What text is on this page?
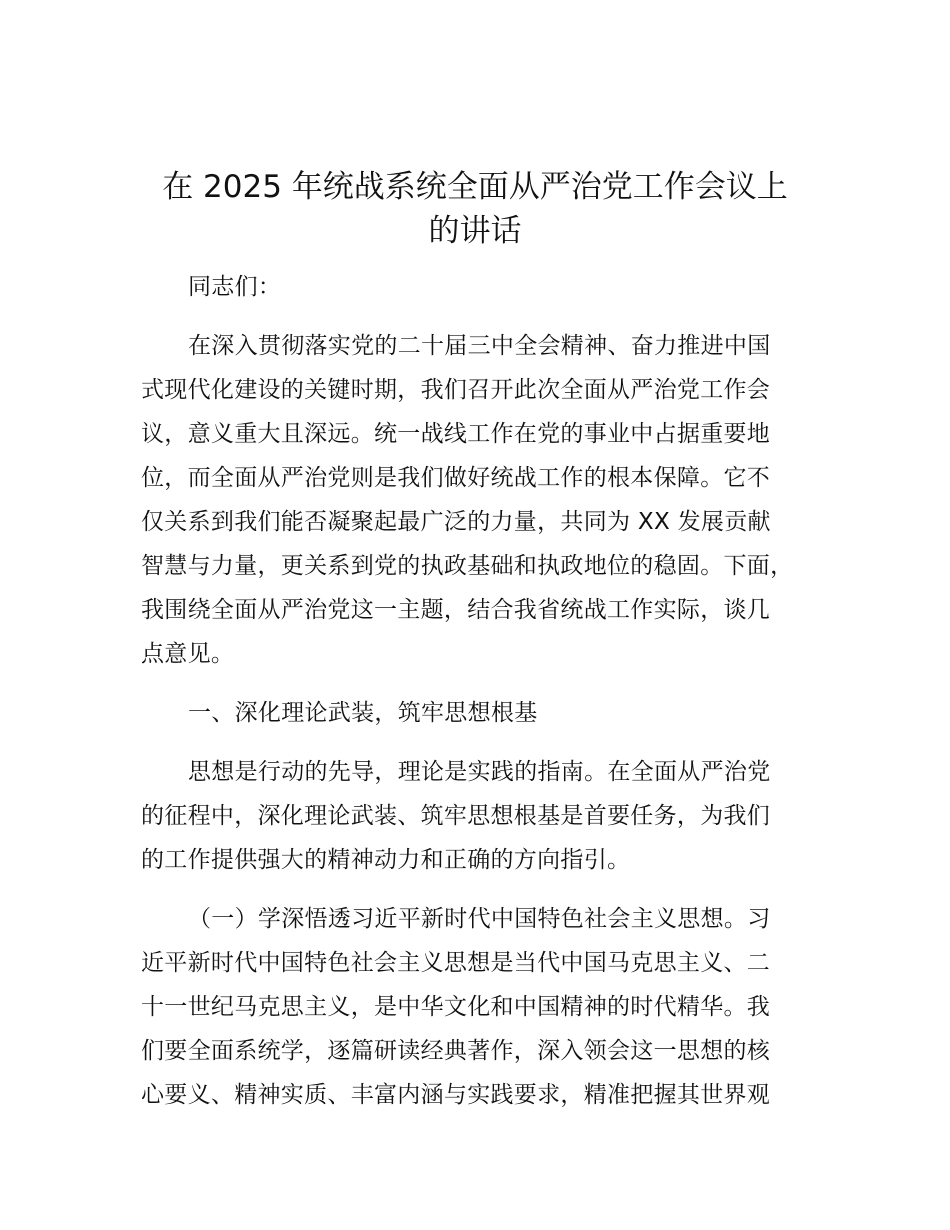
在 2025 年统战系统全面从严治党工作会议上
的讲话

同志们：

在深入贯彻落实党的二十届三中全会精神、奋力推进中国
式现代化建设的关键时期，我们召开此次全面从严治党工作会
议，意义重大且深远。统一战线工作在党的事业中占据重要地
位，而全面从严治党则是我们做好统战工作的根本保障。它不
仅关系到我们能否凝聚起最广泛的力量，共同为 XX 发展贡献
智慧与力量，更关系到党的执政基础和执政地位的稳固。下面，
我围绕全面从严治党这一主题，结合我省统战工作实际，谈几
点意见。

一、深化理论武装，筑牢思想根基

思想是行动的先导，理论是实践的指南。在全面从严治党
的征程中，深化理论武装、筑牢思想根基是首要任务，为我们
的工作提供强大的精神动力和正确的方向指引。

（一）学深悟透习近平新时代中国特色社会主义思想。习
近平新时代中国特色社会主义思想是当代中国马克思主义、二
十一世纪马克思主义，是中华文化和中国精神的时代精华。我
们要全面系统学，逐篇研读经典著作，深入领会这一思想的核
心要义、精神实质、丰富内涵与实践要求，精准把握其世界观
